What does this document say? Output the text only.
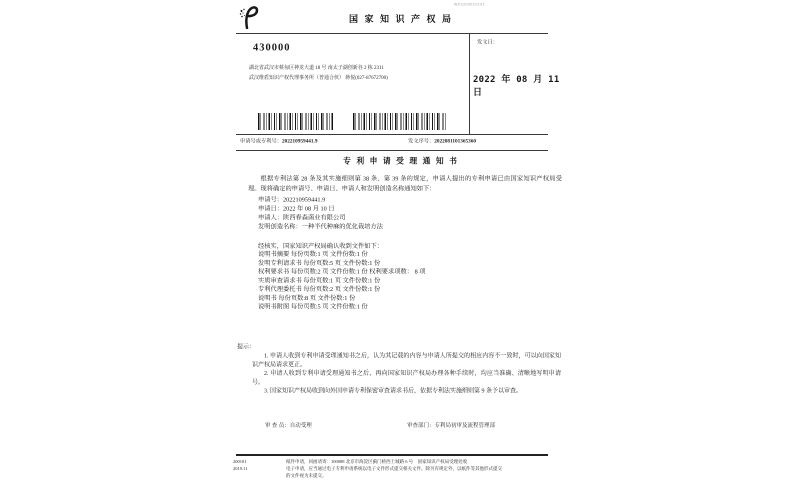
国家知识产权局
WX2209010101
430000
湖北省武汉市蔡甸区神龙大道 18 号 南太子湖创新谷 2 栋 2311
武汉维盾知识产权代理事务所（普通合伙） 蒋悦(027-87672700)
发文日：
2022 年 08 月 11 日
申请号或专利号：202210959441.9	发文序号：2022081101365360
专利申请受理通知书
根据专利法第 28 条及其实施细则第 38 条、第 39 条的规定，申请人提出的专利申请已由国家知识产权局受理。现将确定的申请号、申请日、申请人和发明创造名称通知如下：
申请号：202210959441.9
申请日：2022 年 08 月 10 日
申请人：陕西春森菌业有限公司
发明创造名称：一种半代种麻的优化栽培方法
经核实，国家知识产权局确认收到文件如下：
说明书摘要 每份页数:1 页 文件份数:1 份
发明专利请求书 每份页数:5 页 文件份数:1 份
权利要求书 每份页数:2 页 文件份数:1 份 权利要求项数： 8 项
实质审查请求书 每份页数:1 页 文件份数:1 份
专利代理委托书 每份页数:2 页 文件份数:1 份
说明书 每份页数:8 页 文件份数:1 份
说明书附图 每份页数:5 页 文件份数:1 份
提示：
1. 申请人收到专利申请受理通知书之后，认为其记载的内容与申请人所提交的相应内容不一致时，可以向国家知识产权局请求更正。
2. 申请人收到专利申请受理通知书之后，再向国家知识产权局办理各种手续时，均应当准确、清晰地写明申请号。
3. 国家知识产权局收到向外国申请专利保密审查请求书后，依据专利法实施细则第 9 条予以审查。
审 查 员：自动受理	审查部门：专利局初审及流程管理部
200101	纸件申请，回函请寄：100088 北京市海淀区蓟门桥西土城路 6 号　国家知识产权局受理处收
2019.11	电子申请，应当通过电子专利申请系统以电子文件形式提交相关文件。除另有规定外，以纸件等其他形式提交的文件视为未提交。
